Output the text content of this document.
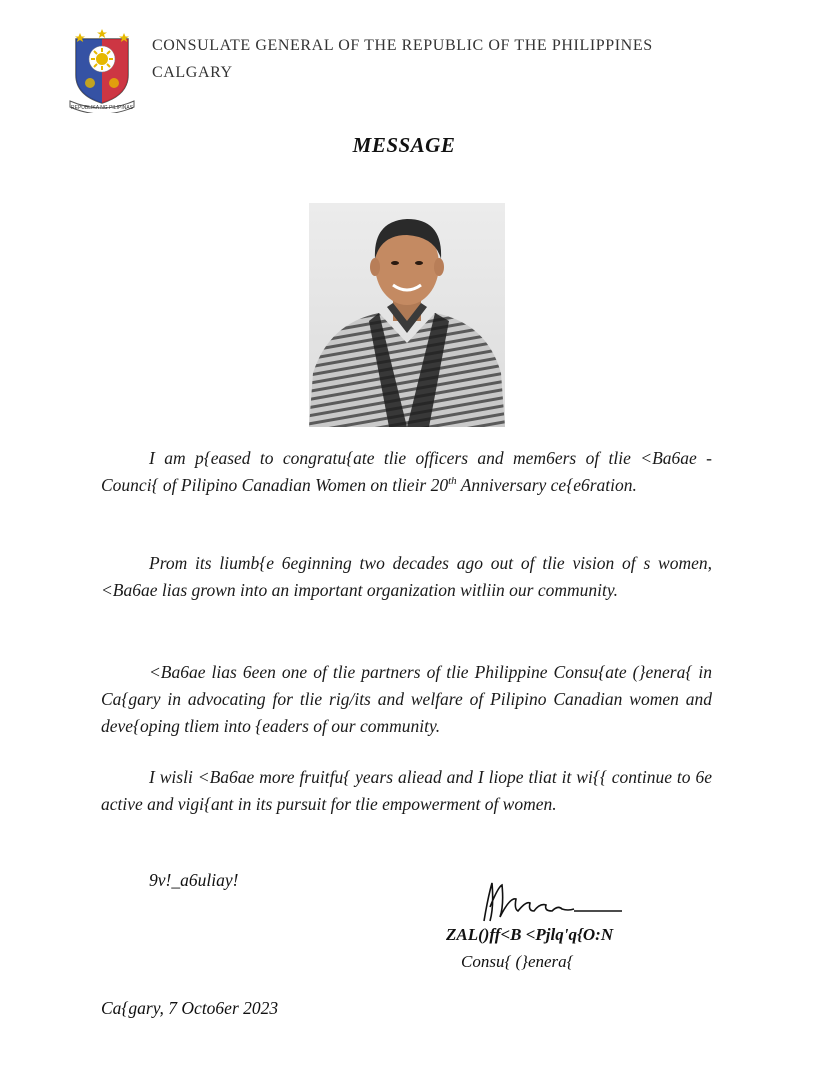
REPUBLIKA NG PILIPINAS
CONSULATE GENERAL OF THE REPUBLIC OF THE PHILIPPINES
CALGARY
MESSAGE
I am p{eased to congratu{ate tlie officers and mem6ers of tlie <Ba6ae - Counci{ of Pilipino Canadian Women on tlieir 20th Anniversary ce{e6ration.
Prom its liumb{e 6eginning two decades ago out of tlie vision of s women, <Ba6ae lias grown into an important organization witliin our community.
<Ba6ae lias 6een one of tlie partners of tlie Philippine Consu{ate (}enera{ in Ca{gary in advocating for tlie rig/its and welfare of Pilipino Canadian women and deve{oping tliem into {eaders of our community.
I wisli <Ba6ae more fruitfu{ years aliead and I liope tliat it wi{{ continue to 6e active and vigi{ant in its pursuit for tlie empowerment of women.
9v!_a6uliay!
ZAL()ff<B <Pjlq'q{O:N
Consu{ (}enera{
Ca{gary, 7 Octo6er 2023
